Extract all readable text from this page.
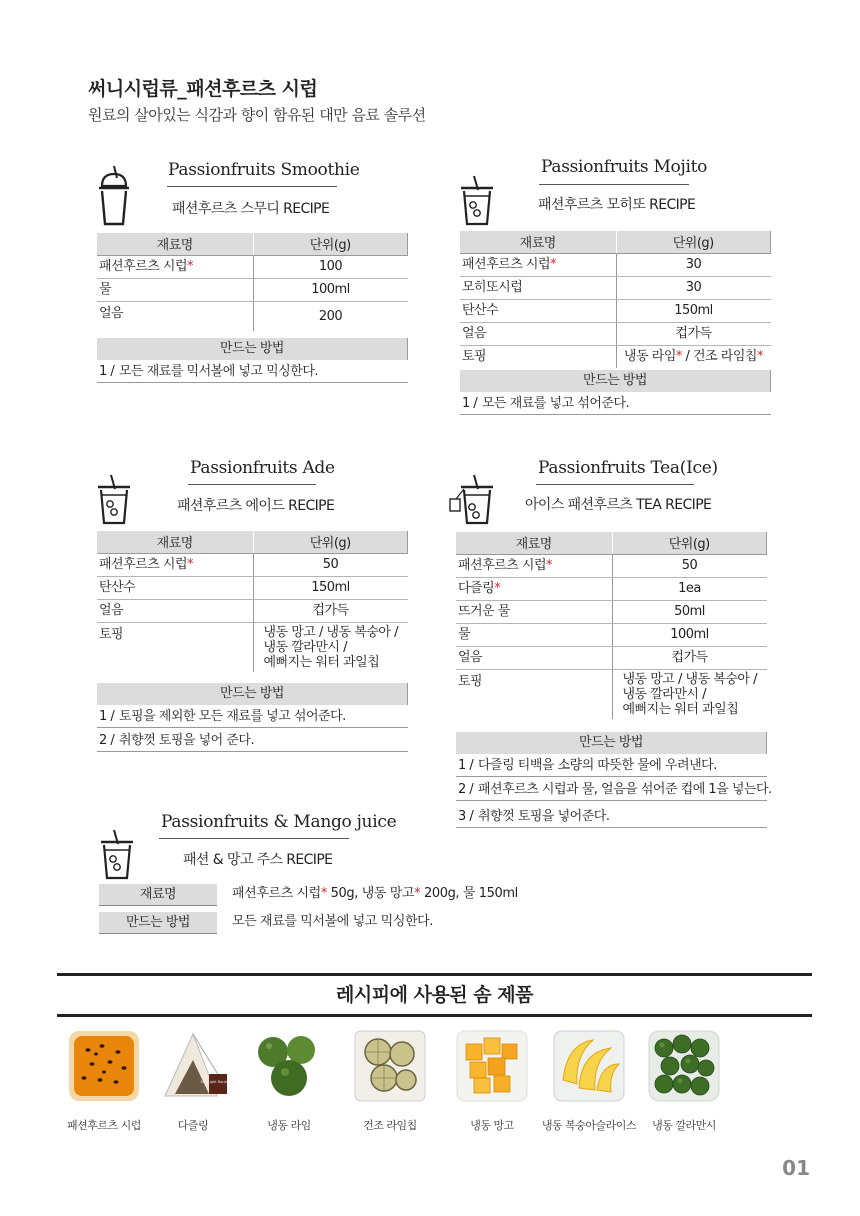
써니시럽류_패션후르츠 시럽
원료의 살아있는 식감과 향이 함유된 대만 음료 솔루션
Passionfruits Smoothie
패션후르츠 스무디 RECIPE
재료명	단위(g)
패션후르츠 시럽*	100
물	100ml
얼음	200
만드는 방법
1 / 모든 재료를 믹서볼에 넣고 믹싱한다.
Passionfruits Mojito
패션후르츠 모히또 RECIPE
재료명	단위(g)
패션후르츠 시럽*	30
모히또시럽	30
탄산수	150ml
얼음	컵가득
토핑	냉동 라임* / 건조 라임칩*
만드는 방법
1 / 모든 재료를 넣고 섞어준다.
Passionfruits Ade
패션후르츠 에이드 RECIPE
재료명	단위(g)
패션후르츠 시럽*	50
탄산수	150ml
얼음	컵가득
토핑	냉동 망고 / 냉동 복숭아 /
냉동 깔라만시 /
예뻐지는 워터 과일칩
만드는 방법
1 / 토핑을 제외한 모든 재료를 넣고 섞어준다.
2 / 취향껏 토핑을 넣어 준다.
Passionfruits Tea(Ice)
아이스 패션후르츠 TEA RECIPE
재료명	단위(g)
패션후르츠 시럽*	50
다즐링*	1ea
뜨거운 물	50ml
물	100ml
얼음	컵가득
토핑	냉동 망고 / 냉동 복숭아 /
냉동 깔라만시 /
예뻐지는 워터 과일칩
만드는 방법
1 / 다즐링 티백을 소량의 따뜻한 물에 우려낸다.
2 / 패션후르츠 시럽과 물, 얼음을 섞어준 컵에 1을 넣는다.
3 / 취향껏 토핑을 넣어준다.
Passionfruits & Mango juice
패션 & 망고 주스 RECIPE
재료명	패션후르츠 시럽* 50g, 냉동 망고* 200g, 물 150ml
만드는 방법	모든 재료를 믹서볼에 넣고 믹싱한다.
레시피에 사용된 솜 제품
패션후르츠 시럽
Sky Light Darjeeling
다즐링	냉동 라임	건조 라임칩	냉동 망고	냉동 복숭아슬라이스	냉동 깔라만시
01
